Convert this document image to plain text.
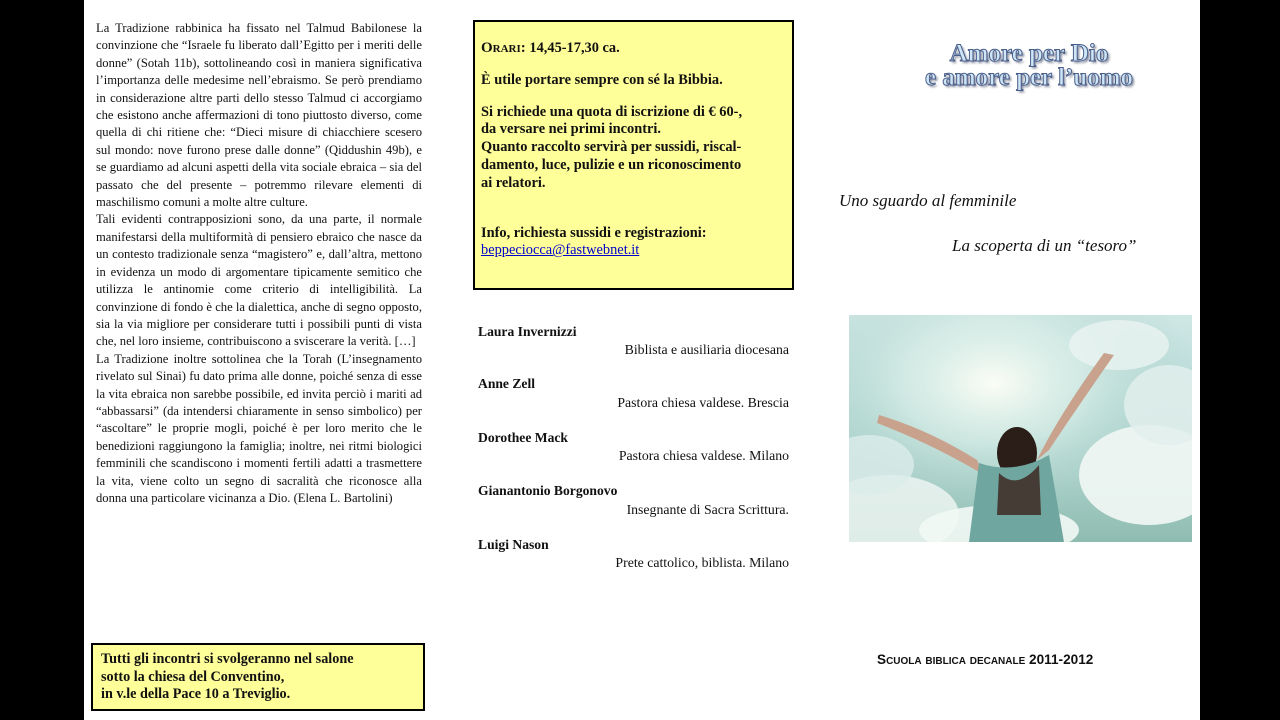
La Tradizione rabbinica ha fissato nel Talmud Babilonese la convinzione che “Israele fu liberato dall’Egitto per i meriti delle donne” (Sotah 11b), sottolineando così in maniera significativa l’importanza delle medesime nell’ebraismo. Se però prendiamo in considerazione altre parti dello stesso Talmud ci accorgiamo che esistono anche affermazioni di tono piuttosto diverso, come quella di chi ritiene che: “Dieci misure di chiacchiere scesero sul mondo: nove furono prese dalle donne” (Qiddushin 49b), e se guardiamo ad alcuni aspetti della vita sociale ebraica – sia del passato che del presente – potremmo rilevare elementi di maschilismo comuni a molte altre culture.

Tali evidenti contrapposizioni sono, da una parte, il normale manifestarsi della multiformità di pensiero ebraico che nasce da un contesto tradizionale senza “magistero” e, dall’altra, mettono in evidenza un modo di argomentare tipicamente semitico che utilizza le antinomie come criterio di intelligibilità. La convinzione di fondo è che la dialettica, anche di segno opposto, sia la via migliore per considerare tutti i possibili punti di vista che, nel loro insieme, contribuiscono a sviscerare la verità. […]

La Tradizione inoltre sottolinea che la Torah (L’insegnamento rivelato sul Sinai) fu dato prima alle donne, poiché senza di esse la vita ebraica non sarebbe possibile, ed invita perciò i mariti ad “abbassarsi” (da intendersi chiaramente in senso simbolico) per “ascoltare” le proprie mogli, poiché è per loro merito che le benedizioni raggiungono la famiglia; inoltre, nei ritmi biologici femminili che scandiscono i momenti fertili adatti a trasmettere la vita, viene colto un segno di sacralità che riconosce alla donna una particolare vicinanza a Dio. (Elena L. Bartolini)

Tutti gli incontri si svolgeranno nel salone
sotto la chiesa del Conventino,
in v.le della Pace 10 a Treviglio.
Orari: 14,45-17,30 ca.
È utile portare sempre con sé la Bibbia.
Si richiede una quota di iscrizione di € 60-,
da versare nei primi incontri.
Quanto raccolto servirà per sussidi, riscal-
damento, luce, pulizie e un riconoscimento
ai relatori.
Info, richiesta sussidi e registrazioni:
beppeciocca@fastwebnet.it
Laura Invernizzi
Biblista e ausiliaria diocesana
Anne Zell
Pastora chiesa valdese. Brescia
Dorothee Mack
Pastora chiesa valdese. Milano
Gianantonio Borgonovo
Insegnante di Sacra Scrittura.
Luigi Nason
Prete cattolico, biblista. Milano
Amore per Dio
e amore per l’uomo
Uno sguardo al femminile
La scoperta di un “tesoro”
Scuola biblica decanale 2011-2012
